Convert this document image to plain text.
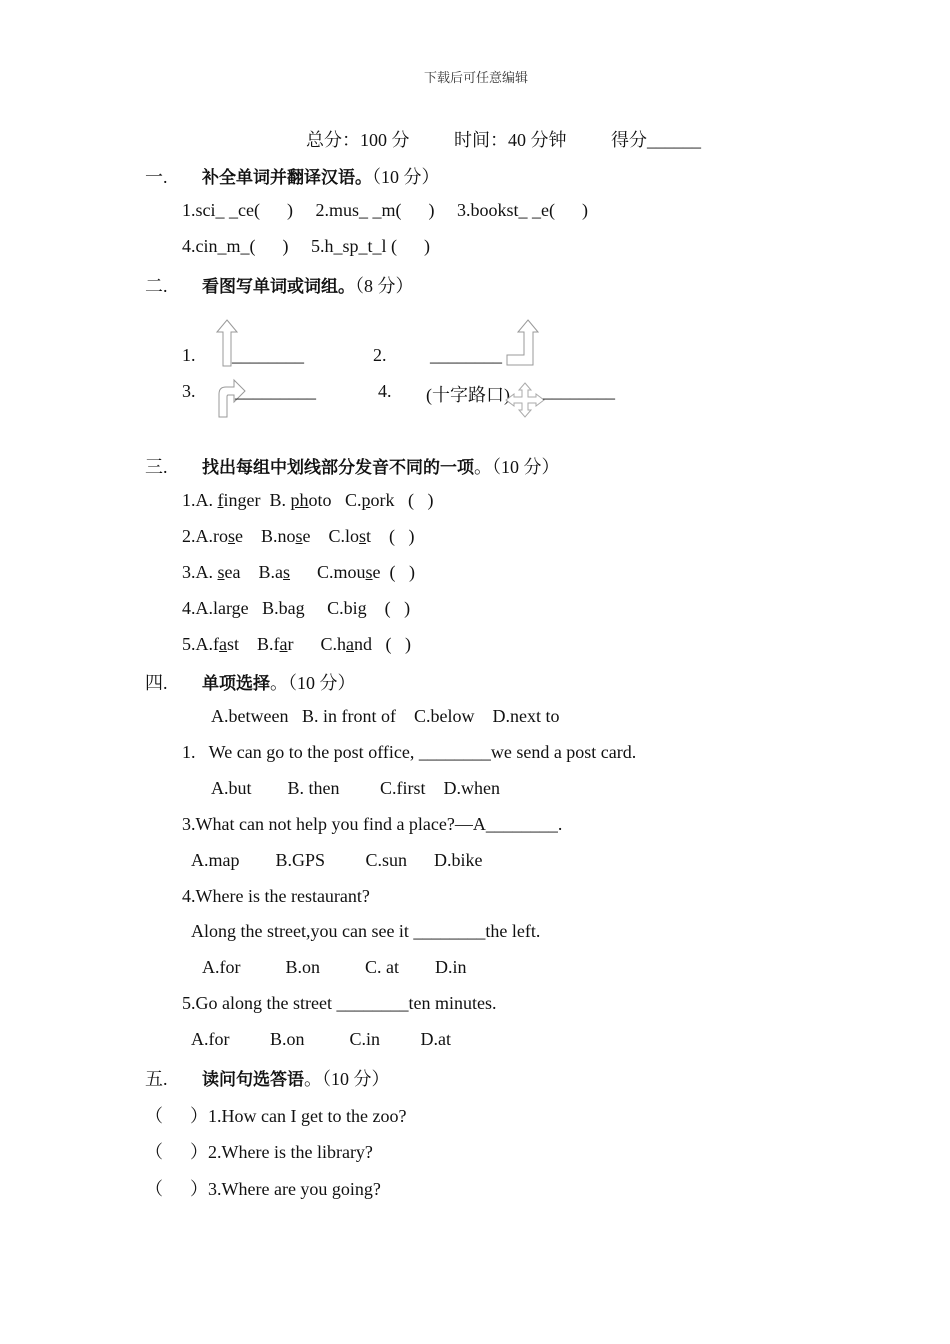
下载后可任意编辑
总分：100 分 时间：40 分钟 得分______
一. 补全单词并翻译汉语。（10 分）
1.sci_ _ce(      )     2.mus_ _m(      )     3.bookst_ _e(      )
4.cin_m_(      )     5.h_sp_t_l (      )
二. 看图写单词或词组。（8 分）
1. ________	2. ________
3. _________	4. (十字路口) ________
三. 找出每组中划线部分发音不同的一项。（10 分）
1.A. finger  B. photo   C.pork   (   )
2.A.rose    B.nose    C.lost    (   )
3.A. sea    B.as      C.mouse  (   )
4.A.large   B.bag     C.big    (   )
5.A.fast    B.far      C.hand   (   )
四. 单项选择。（10 分）
A.between   B. in front of    C.below    D.next to
1.   We can go to the post office, ________we send a post card.
A.but        B. then         C.first    D.when
3.What can not help you find a place?—A________.
A.map        B.GPS         C.sun      D.bike
4.Where is the restaurant?
Along the street,you can see it ________the left.
A.for          B.on          C. at        D.in
5.Go along the street ________ten minutes.
A.for         B.on          C.in         D.at
五. 读问句选答语。（10 分）
（      ）1.How can I get to the zoo?
（      ）2.Where is the library?
（      ）3.Where are you going?
